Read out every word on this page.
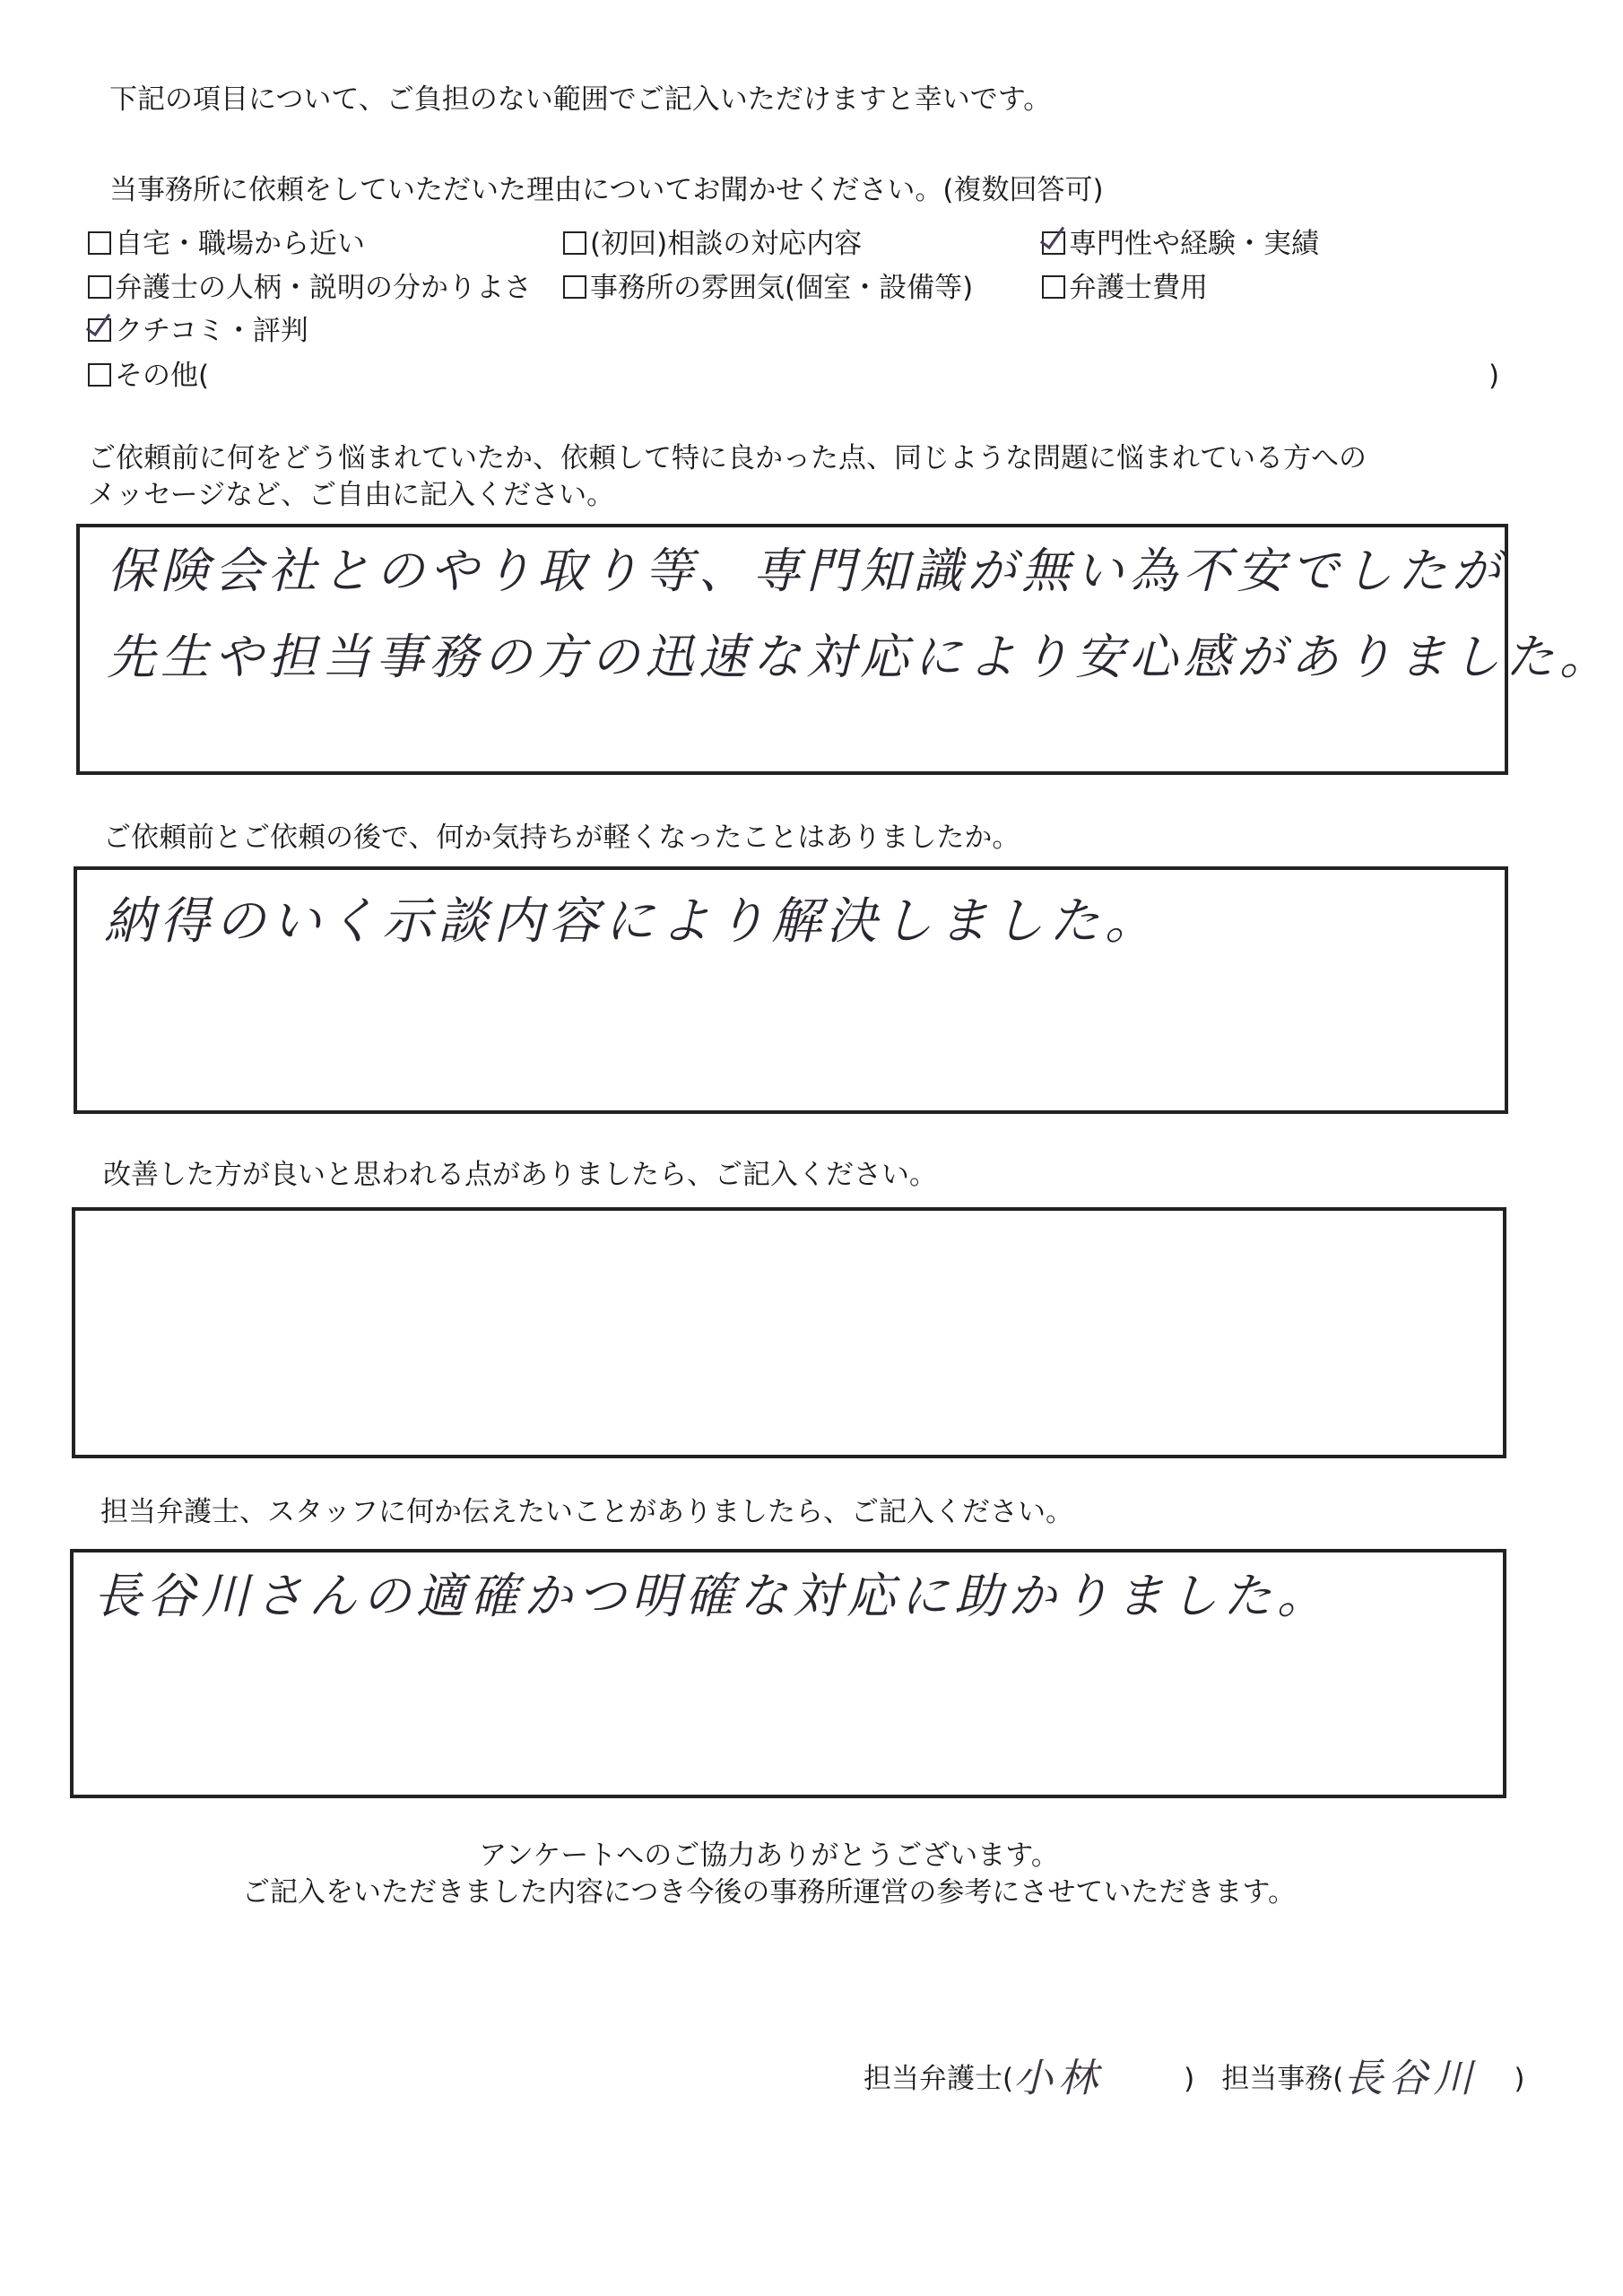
下記の項目について、ご負担のない範囲でご記入いただけますと幸いです。
当事務所に依頼をしていただいた理由についてお聞かせください。(複数回答可)
自宅・職場から近い	(初回)相談の対応内容	専門性や経験・実績
弁護士の人柄・説明の分かりよさ	事務所の雰囲気(個室・設備等)	弁護士費用
クチコミ・評判
その他(	)
ご依頼前に何をどう悩まれていたか、依頼して特に良かった点、同じような問題に悩まれている方への
メッセージなど、ご自由に記入ください。
保険会社とのやり取り等、専門知識が無い為不安でしたが
先生や担当事務の方の迅速な対応により安心感がありました。
ご依頼前とご依頼の後で、何か気持ちが軽くなったことはありましたか。
納得のいく示談内容により解決しました。
改善した方が良いと思われる点がありましたら、ご記入ください。
担当弁護士、スタッフに何か伝えたいことがありましたら、ご記入ください。
長谷川さんの適確かつ明確な対応に助かりました。
アンケートへのご協力ありがとうございます。
ご記入をいただきました内容につき今後の事務所運営の参考にさせていただきます。
担当弁護士( 小林	) 担当事務( 長谷川	)
